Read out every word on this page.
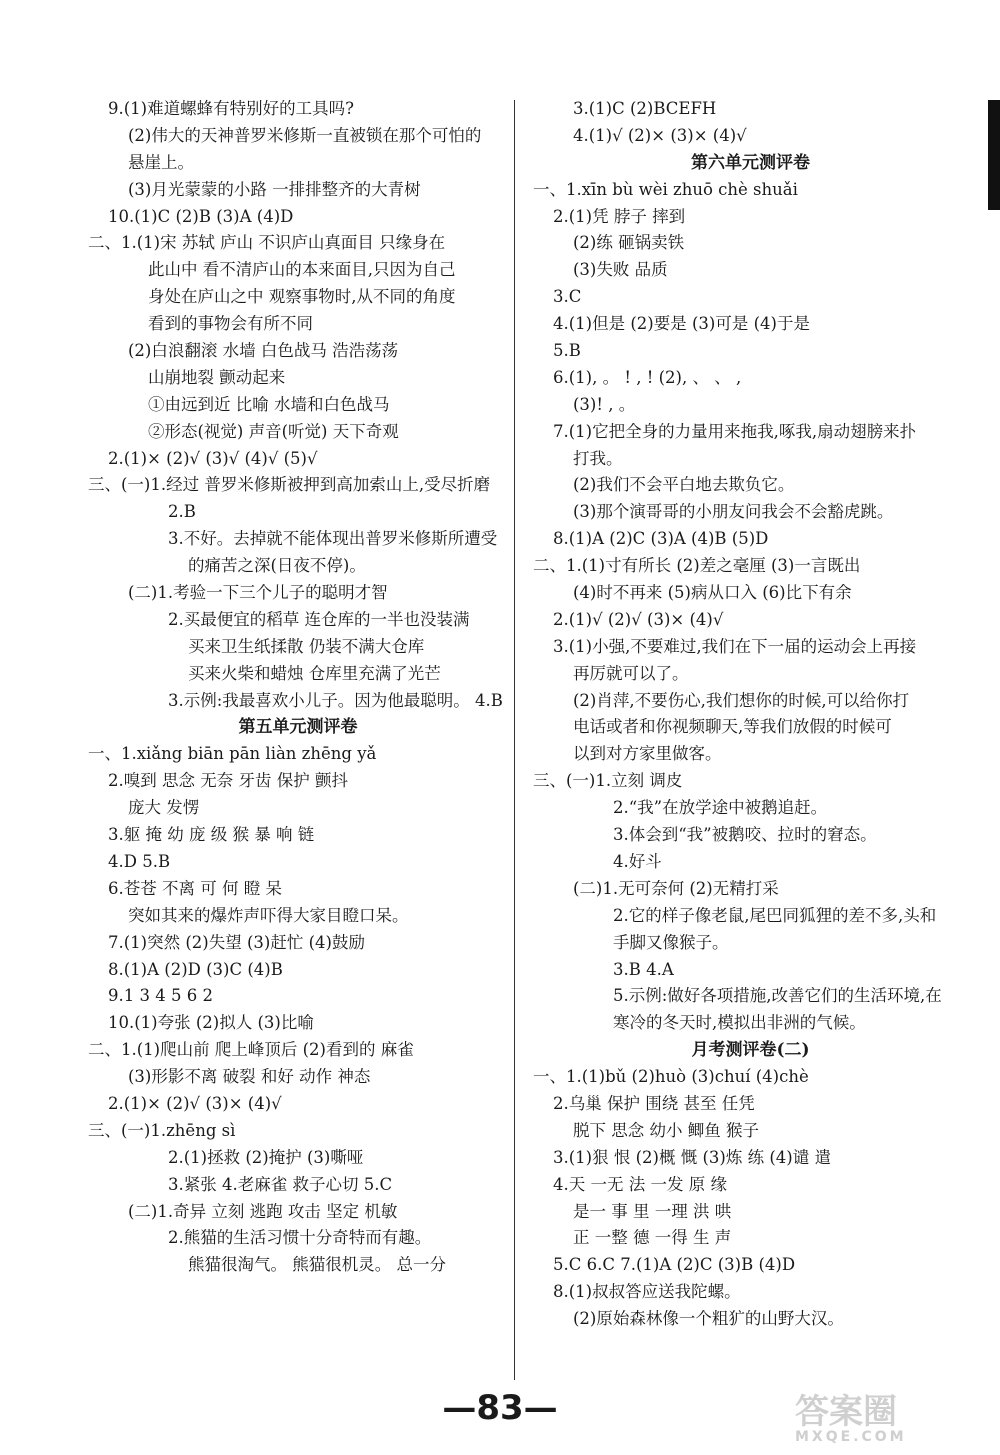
9.(1)难道螺蜂有特别好的工具吗?
(2)伟大的天神普罗米修斯一直被锁在那个可怕的
悬崖上。
(3)月光蒙蒙的小路 一排排整齐的大青树
10.(1)C (2)B (3)A (4)D
二、1.(1)宋 苏轼 庐山 不识庐山真面目 只缘身在
此山中 看不清庐山的本来面目,只因为自己
身处在庐山之中 观察事物时,从不同的角度
看到的事物会有所不同
(2)白浪翻滚 水墙 白色战马 浩浩荡荡
山崩地裂 颤动起来
①由远到近 比喻 水墙和白色战马
②形态(视觉) 声音(听觉) 天下奇观
2.(1)× (2)√ (3)√ (4)√ (5)√
三、(一)1.经过 普罗米修斯被押到高加索山上,受尽折磨
2.B
3.不好。去掉就不能体现出普罗米修斯所遭受
的痛苦之深(日夜不停)。
(二)1.考验一下三个儿子的聪明才智
2.买最便宜的稻草 连仓库的一半也没装满
买来卫生纸揉散 仍装不满大仓库
买来火柴和蜡烛 仓库里充满了光芒
3.示例:我最喜欢小儿子。因为他最聪明。 4.B
第五单元测评卷
一、1.xiǎng biān pān liàn zhēng yǎ
2.嗅到 思念 无奈 牙齿 保护 颤抖
庞大 发愣
3.躯 掩 幼 庞 级 猴 暴 响 链
4.D 5.B
6.苍苍 不离 可 何 瞪 呆
突如其来的爆炸声吓得大家目瞪口呆。
7.(1)突然 (2)失望 (3)赶忙 (4)鼓励
8.(1)A (2)D (3)C (4)B
9.1 3 4 5 6 2
10.(1)夸张 (2)拟人 (3)比喻
二、1.(1)爬山前 爬上峰顶后 (2)看到的 麻雀
(3)形影不离 破裂 和好 动作 神态
2.(1)× (2)√ (3)× (4)√
三、(一)1.zhēng sì
2.(1)拯救 (2)掩护 (3)嘶哑
3.紧张 4.老麻雀 救子心切 5.C
(二)1.奇异 立刻 逃跑 攻击 坚定 机敏
2.熊猫的生活习惯十分奇特而有趣。
熊猫很淘气。 熊猫很机灵。 总一分
3.(1)C (2)BCEFH
4.(1)√ (2)× (3)× (4)√
第六单元测评卷
一、1.xīn bù wèi zhuō chè shuǎi
2.(1)凭 脖子 摔到
(2)练 砸锅卖铁
(3)失败 品质
3.C
4.(1)但是 (2)要是 (3)可是 (4)于是
5.B
6.(1), 。 ! , ! (2), 、 、 ,
(3)! , 。
7.(1)它把全身的力量用来拖我,啄我,扇动翅膀来扑
打我。
(2)我们不会平白地去欺负它。
(3)那个演哥哥的小朋友问我会不会豁虎跳。
8.(1)A (2)C (3)A (4)B (5)D
二、1.(1)寸有所长 (2)差之毫厘 (3)一言既出
(4)时不再来 (5)病从口入 (6)比下有余
2.(1)√ (2)√ (3)× (4)√
3.(1)小强,不要难过,我们在下一届的运动会上再接
再厉就可以了。
(2)肖萍,不要伤心,我们想你的时候,可以给你打
电话或者和你视频聊天,等我们放假的时候可
以到对方家里做客。
三、(一)1.立刻 调皮
2.“我”在放学途中被鹅追赶。
3.体会到“我”被鹅咬、拉时的窘态。
4.好斗
(二)1.无可奈何 (2)无精打采
2.它的样子像老鼠,尾巴同狐狸的差不多,头和
手脚又像猴子。
3.B 4.A
5.示例:做好各项措施,改善它们的生活环境,在
寒冷的冬天时,模拟出非洲的气候。
月考测评卷(二)
一、1.(1)bǔ (2)huò (3)chuí (4)chè
2.乌巢 保护 围绕 甚至 任凭
脱下 思念 幼小 鲫鱼 猴子
3.(1)狠 恨 (2)概 慨 (3)炼 练 (4)谴 遣
4.天 一无 法 一发 原 缘
是一 事 里 一理 洪 哄
正 一整 德 一得 生 声
5.C 6.C 7.(1)A (2)C (3)B (4)D
8.(1)叔叔答应送我陀螺。
(2)原始森林像一个粗犷的山野大汉。
—83—	答案圈
MXQE.COM
